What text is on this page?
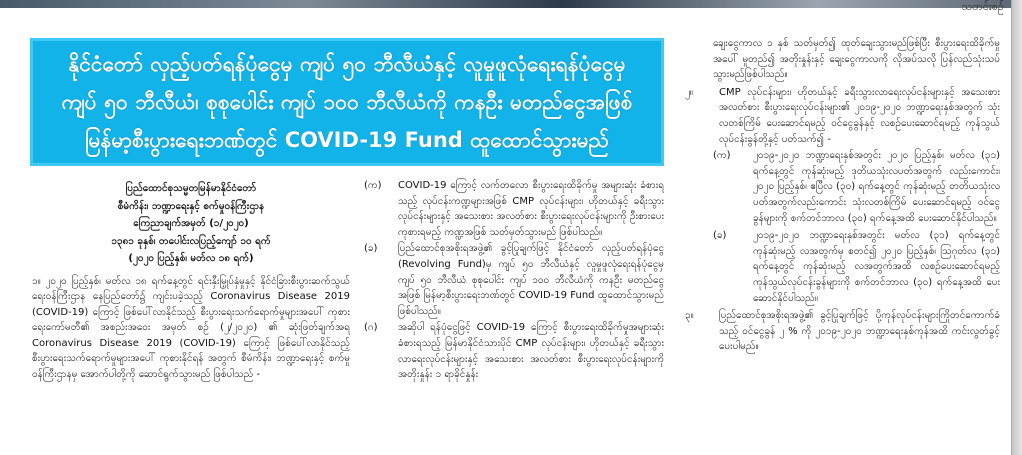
သတင်းစဉ်
နိုင်ငံတော် လှည့်ပတ်ရန်ပုံငွေမှ ကျပ် ၅၀ ဘီလီယံနှင့် လူမှုဖူလုံရေးရန်ပုံငွေမှ
ကျပ် ၅၀ ဘီလီယံ၊ စုစုပေါင်း ကျပ် ၁၀၀ ဘီလီယံကို ကနဦး မတည်ငွေအဖြစ်
မြန်မာ့စီးပွားရေးဘဏ်တွင် COVID-19 Fund ထူထောင်သွားမည်
ပြည်ထောင်စုသမ္မတမြန်မာနိုင်ငံတော်
စီမံကိန်း၊ ဘဏ္ဍာရေးနှင့် စက်မှုဝန်ကြီးဌာန
ကြေညာချက်အမှတ် (၁/၂၀၂၀)
၁၃၈၁ ခုနှစ်၊ တပေါင်းလပြည့်ကျော် ၁၀ ရက်
(၂၀၂၀ ပြည့်နှစ်၊ မတ်လ ၁၈ ရက်)
၁။ ၂၀၂၀ ပြည့်နှစ်၊ မတ်လ ၁၈ ရက်နေ့တွင် ရင်းနှီးမြှုပ်နှံမှုနှင့် နိုင်ငံခြားစီးပွားဆက်သွယ်ရေးဝန်ကြီးဌာန နေပြည်တော်၌ ကျင်းပခဲ့သည့် Coronavirus Disease 2019 (COVID-19) ကြောင့် ဖြစ်ပေါ်လာနိုင်သည့် စီးပွားရေးသက်ရောက်မှုများအပေါ် ကုစားရေးကော်မတီ၏ အစည်းအဝေး အမှတ် စဉ် (၂/၂၀၂၀) ၏ ဆုံးဖြတ်ချက်အရ Coronavirus Disease 2019 (COVID-19) ကြောင့် ဖြစ်ပေါ်လာနိုင်သည့် စီးပွားရေးသက်ရောက်မှုများအပေါ် ကုစားနိုင်ရန် အတွက် စီမံကိန်း၊ ဘဏ္ဍာရေးနှင့် စက်မှုဝန်ကြီးဌာနမှ အောက်ပါတို့ကို ဆောင်ရွက်သွားမည် ဖြစ်ပါသည် -
(က)	COVID-19 ကြောင့် လက်တလော စီးပွားရေးထိခိုက်မှု အများဆုံး ခံစားရသည့် လုပ်ငန်းကဏ္ဍများအဖြစ် CMP လုပ်ငန်းများ၊ ဟိုတယ်နှင့် ခရီးသွားလုပ်ငန်းများနှင့် အသေးစား အလတ်စား စီးပွားရေးလုပ်ငန်းများကို ဦးစားပေး ကုစားရမည့် ကဏ္ဍအဖြစ် သတ်မှတ်သွားမည် ဖြစ်ပါသည်။
(ခ)	ပြည်ထောင်စုအစိုးရအဖွဲ့၏ ခွင့်ပြုချက်ဖြင့် နိုင်ငံတော် လှည့်ပတ်ရန်ပုံငွေ (Revolving Fund)မှ ကျပ် ၅၀ ဘီလီယံနှင့် လူမှုဖူလုံရေးရန်ပုံငွေမှ ကျပ် ၅၀ ဘီလီယံ စုစုပေါင်း ကျပ် ၁၀၀ ဘီလီယံကို ကနဦး မတည်ငွေအဖြစ် မြန်မာ့စီးပွားရေးဘဏ်တွင် COVID-19 Fund ထူထောင်သွားမည် ဖြစ်ပါသည်။
(ဂ)	အဆိုပါ ရန်ပုံငွေဖြင့် COVID-19 ကြောင့် စီးပွားရေးထိခိုက်မှုအများဆုံး ခံစားရသည့် မြန်မာနိုင်ငံသားပိုင် CMP လုပ်ငန်းများ၊ ဟိုတယ်နှင့် ခရီးသွားလာရေးလုပ်ငန်းများနှင့် အသေးစား အလတ်စား စီးပွားရေးလုပ်ငန်းများကို အတိုးနှုန်း ၁ ရာခိုင်နှုန်း
ချေးငွေကာလ ၁ နှစ် သတ်မှတ်၍ ထုတ်ချေးသွားမည်ဖြစ်ပြီး စီးပွားရေးထိခိုက်မှုအပေါ် မူတည်၍ အတိုးနှုန်းနှင့် ချေးငွေကာလကို လိုအပ်သလို ပြန်လည်သုံးသပ်သွားမည်ဖြစ်ပါသည်။
၂။	CMP လုပ်ငန်းများ၊ ဟိုတယ်နှင့် ခရီးသွားလာရေးလုပ်ငန်းများနှင့် အသေးစား အလတ်စား စီးပွားရေးလုပ်ငန်းများ၏ ၂၀၁၉-၂၀၂၀ ဘဏ္ဍာရေးနှစ်အတွက် သုံးလတစ်ကြိမ် ပေးဆောင်ရမည့် ဝင်ငွေခွန်နှင့် လစဉ်ပေးဆောင်ရမည့် ကုန်သွယ်လုပ်ငန်းခွန်တို့နှင့် ပတ်သက်၍ -
(က)	၂၀၁၉-၂၀၂၀ ဘဏ္ဍာရေးနှစ်အတွင်း ၂၀၂၀ ပြည့်နှစ်၊ မတ်လ (၃၁) ရက်နေ့တွင် ကုန်ဆုံးမည့် ဒုတိယသုံးလပတ်အတွက် လည်းကောင်း၊ ၂၀၂၀ ပြည့်နှစ်၊ ဧပြီလ (၃၀) ရက်နေ့တွင် ကုန်ဆုံးမည့် တတိယသုံးလပတ်အတွက်လည်းကောင်း သုံးလတစ်ကြိမ် ပေးဆောင်ရမည့် ဝင်ငွေခွန်များကို စက်တင်ဘာလ (၃၀) ရက်နေ့အထိ ပေးဆောင်နိုင်ပါသည်။
(ခ)	၂၀၁၉-၂၀၂၀ ဘဏ္ဍာရေးနှစ်အတွင်း မတ်လ (၃၁) ရက်နေ့တွင် ကုန်ဆုံးမည့် လအတွက်မှ စတင်၍ ၂၀၂၀ ပြည့်နှစ်၊ ဩဂုတ်လ (၃၁) ရက်နေ့တွင် ကုန်ဆုံးမည့် လအတွက်အထိ လစဉ်ပေးဆောင်ရမည့် ကုန်သွယ်လုပ်ငန်းခွန်များကို စက်တင်ဘာလ (၃၀) ရက်နေ့အထိ ပေးဆောင်နိုင်ပါသည်။
၃။	ပြည်ထောင်စုအစိုးရအဖွဲ့၏ ခွင့်ပြုချက်ဖြင့် ပို့ကုန်လုပ်ငန်းများကြိုတင်ကောက်ခံသည့် ဝင်ငွေခွန် ၂ % ကို ၂၀၁၉-၂၀၂၀ ဘဏ္ဍာရေးနှစ်ကုန်အထိ ကင်းလွတ်ခွင့်ပေးပါမည်။
